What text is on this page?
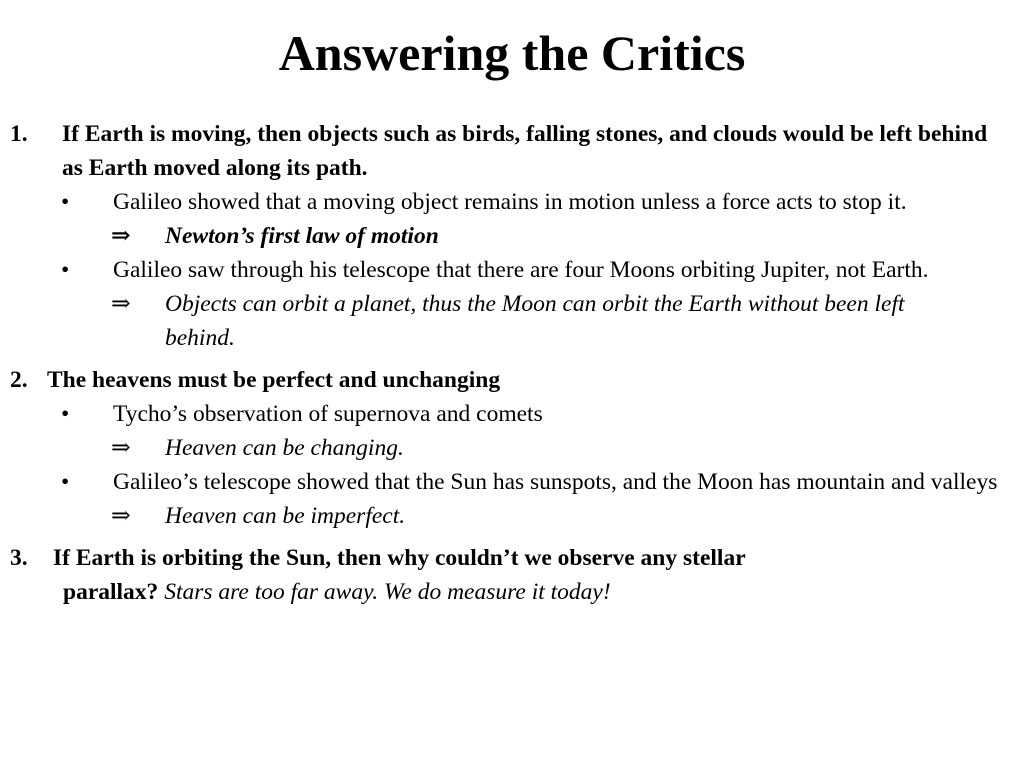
Answering the Critics
1. If Earth is moving, then objects such as birds, falling stones, and clouds would be left behind as Earth moved along its path.
• Galileo showed that a moving object remains in motion unless a force acts to stop it.
⇒ Newton’s first law of motion
• Galileo saw through his telescope that there are four Moons orbiting Jupiter, not Earth.
⇒ Objects can orbit a planet, thus the Moon can orbit the Earth without been left behind.
2. The heavens must be perfect and unchanging
• Tycho’s observation of supernova and comets
⇒ Heaven can be changing.
• Galileo’s telescope showed that the Sun has sunspots, and the Moon has mountain and valleys
⇒ Heaven can be imperfect.
3. If Earth is orbiting the Sun, then why couldn’t we observe any stellar
parallax? Stars are too far away. We do measure it today!
